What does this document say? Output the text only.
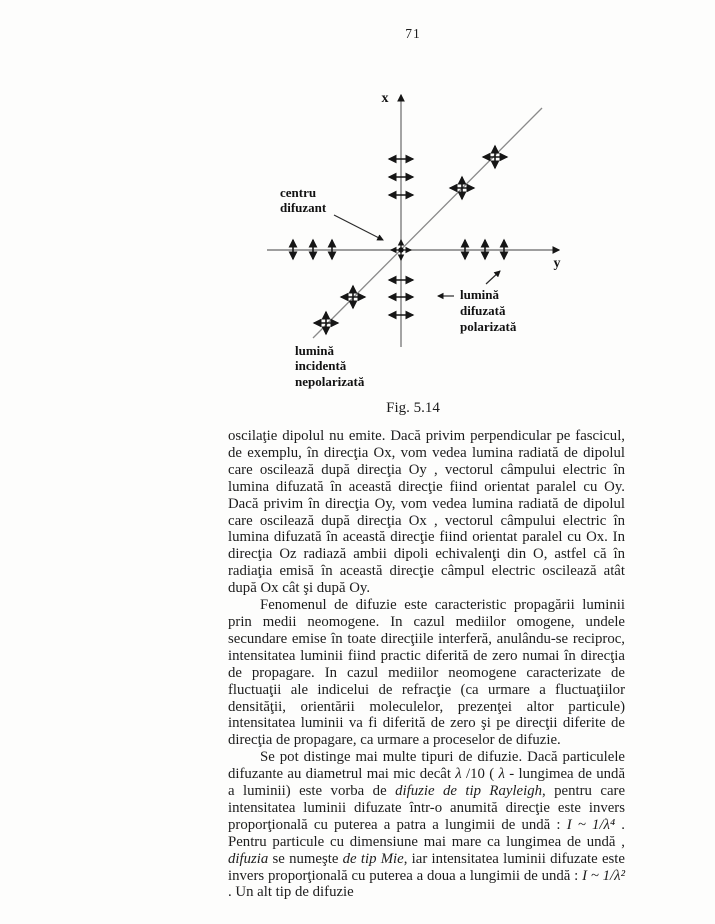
71
x
y
centru
difuzant
lumină
difuzată
polarizată
lumină
incidentă
nepolarizată
Fig. 5.14

oscilaţie dipolul nu emite. Dacă privim perpendicular pe fascicul, de exemplu, în direcţia Ox, vom vedea lumina radiată de dipolul care oscilează după direcţia Oy , vectorul câmpului electric în lumina difuzată în această direcţie fiind orientat paralel cu Oy. Dacă privim în direcţia Oy, vom vedea lumina radiată de dipolul care oscilează după direcţia Ox , vectorul câmpului electric în lumina difuzată în această direcţie fiind orientat paralel cu Ox. In direcţia Oz radiază ambii dipoli echivalenţi din O, astfel că în radiaţia emisă în această direcţie câmpul electric oscilează atât după Ox cât şi după Oy.

Fenomenul de difuzie este caracteristic propagării luminii prin medii neomogene. In cazul mediilor omogene, undele secundare emise în toate direcţiile interferă, anulându-se reciproc, intensitatea luminii fiind practic diferită de zero numai în direcţia de propagare. In cazul mediilor neomogene caracterizate de fluctuaţii ale indicelui de refracţie (ca urmare a fluctuaţiilor densităţii, orientării moleculelor, prezenţei altor particule) intensitatea luminii va fi diferită de zero şi pe direcţii diferite de direcţia de propagare, ca urmare a proceselor de difuzie.

Se pot distinge mai multe tipuri de difuzie. Dacă particulele difuzante au diametrul mai mic decât λ /10 ( λ - lungimea de undă a luminii) este vorba de difuzie de tip Rayleigh, pentru care intensitatea luminii difuzate într-o anumită direcţie este invers proporţională cu puterea a patra a lungimii de undă : I ~ 1/λ⁴ . Pentru particule cu dimensiune mai mare ca lungimea de undă , difuzia se numeşte de tip Mie, iar intensitatea luminii difuzate este invers proporţională cu puterea a doua a lungimii de undă : I ~ 1/λ² . Un alt tip de difuzie
